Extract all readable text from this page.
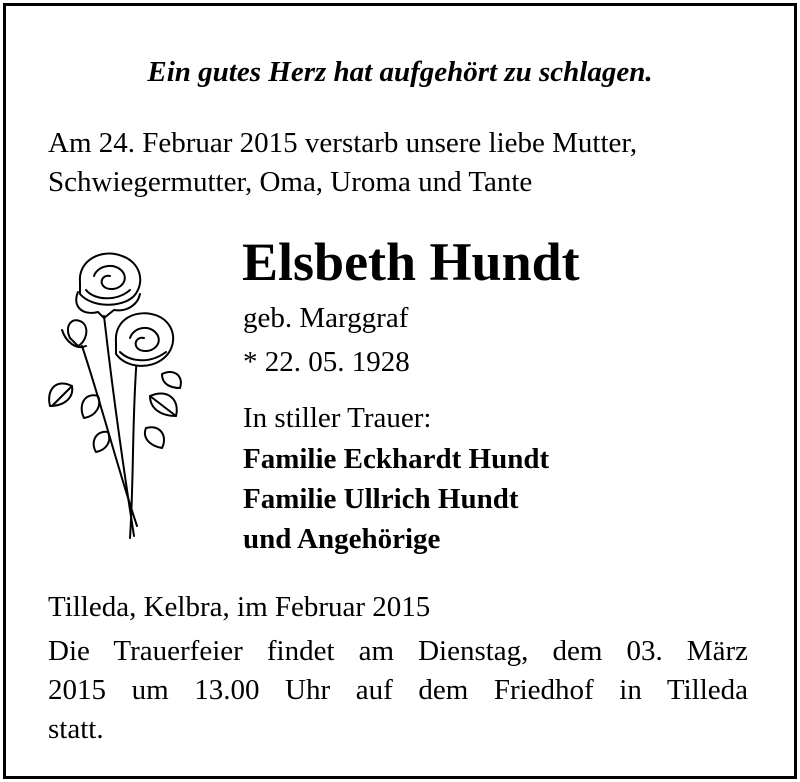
Ein gutes Herz hat aufgehört zu schlagen.
Am 24. Februar 2015 verstarb unsere liebe Mutter,
Schwiegermutter, Oma, Uroma und Tante
Elsbeth Hundt
geb. Marggraf
* 22. 05. 1928
In stiller Trauer:
Familie Eckhardt Hundt
Familie Ullrich Hundt
und Angehörige
Tilleda, Kelbra, im Februar 2015
Die Trauerfeier findet am Dienstag, dem 03. März
2015 um 13.00 Uhr auf dem Friedhof in Tilleda
statt.
